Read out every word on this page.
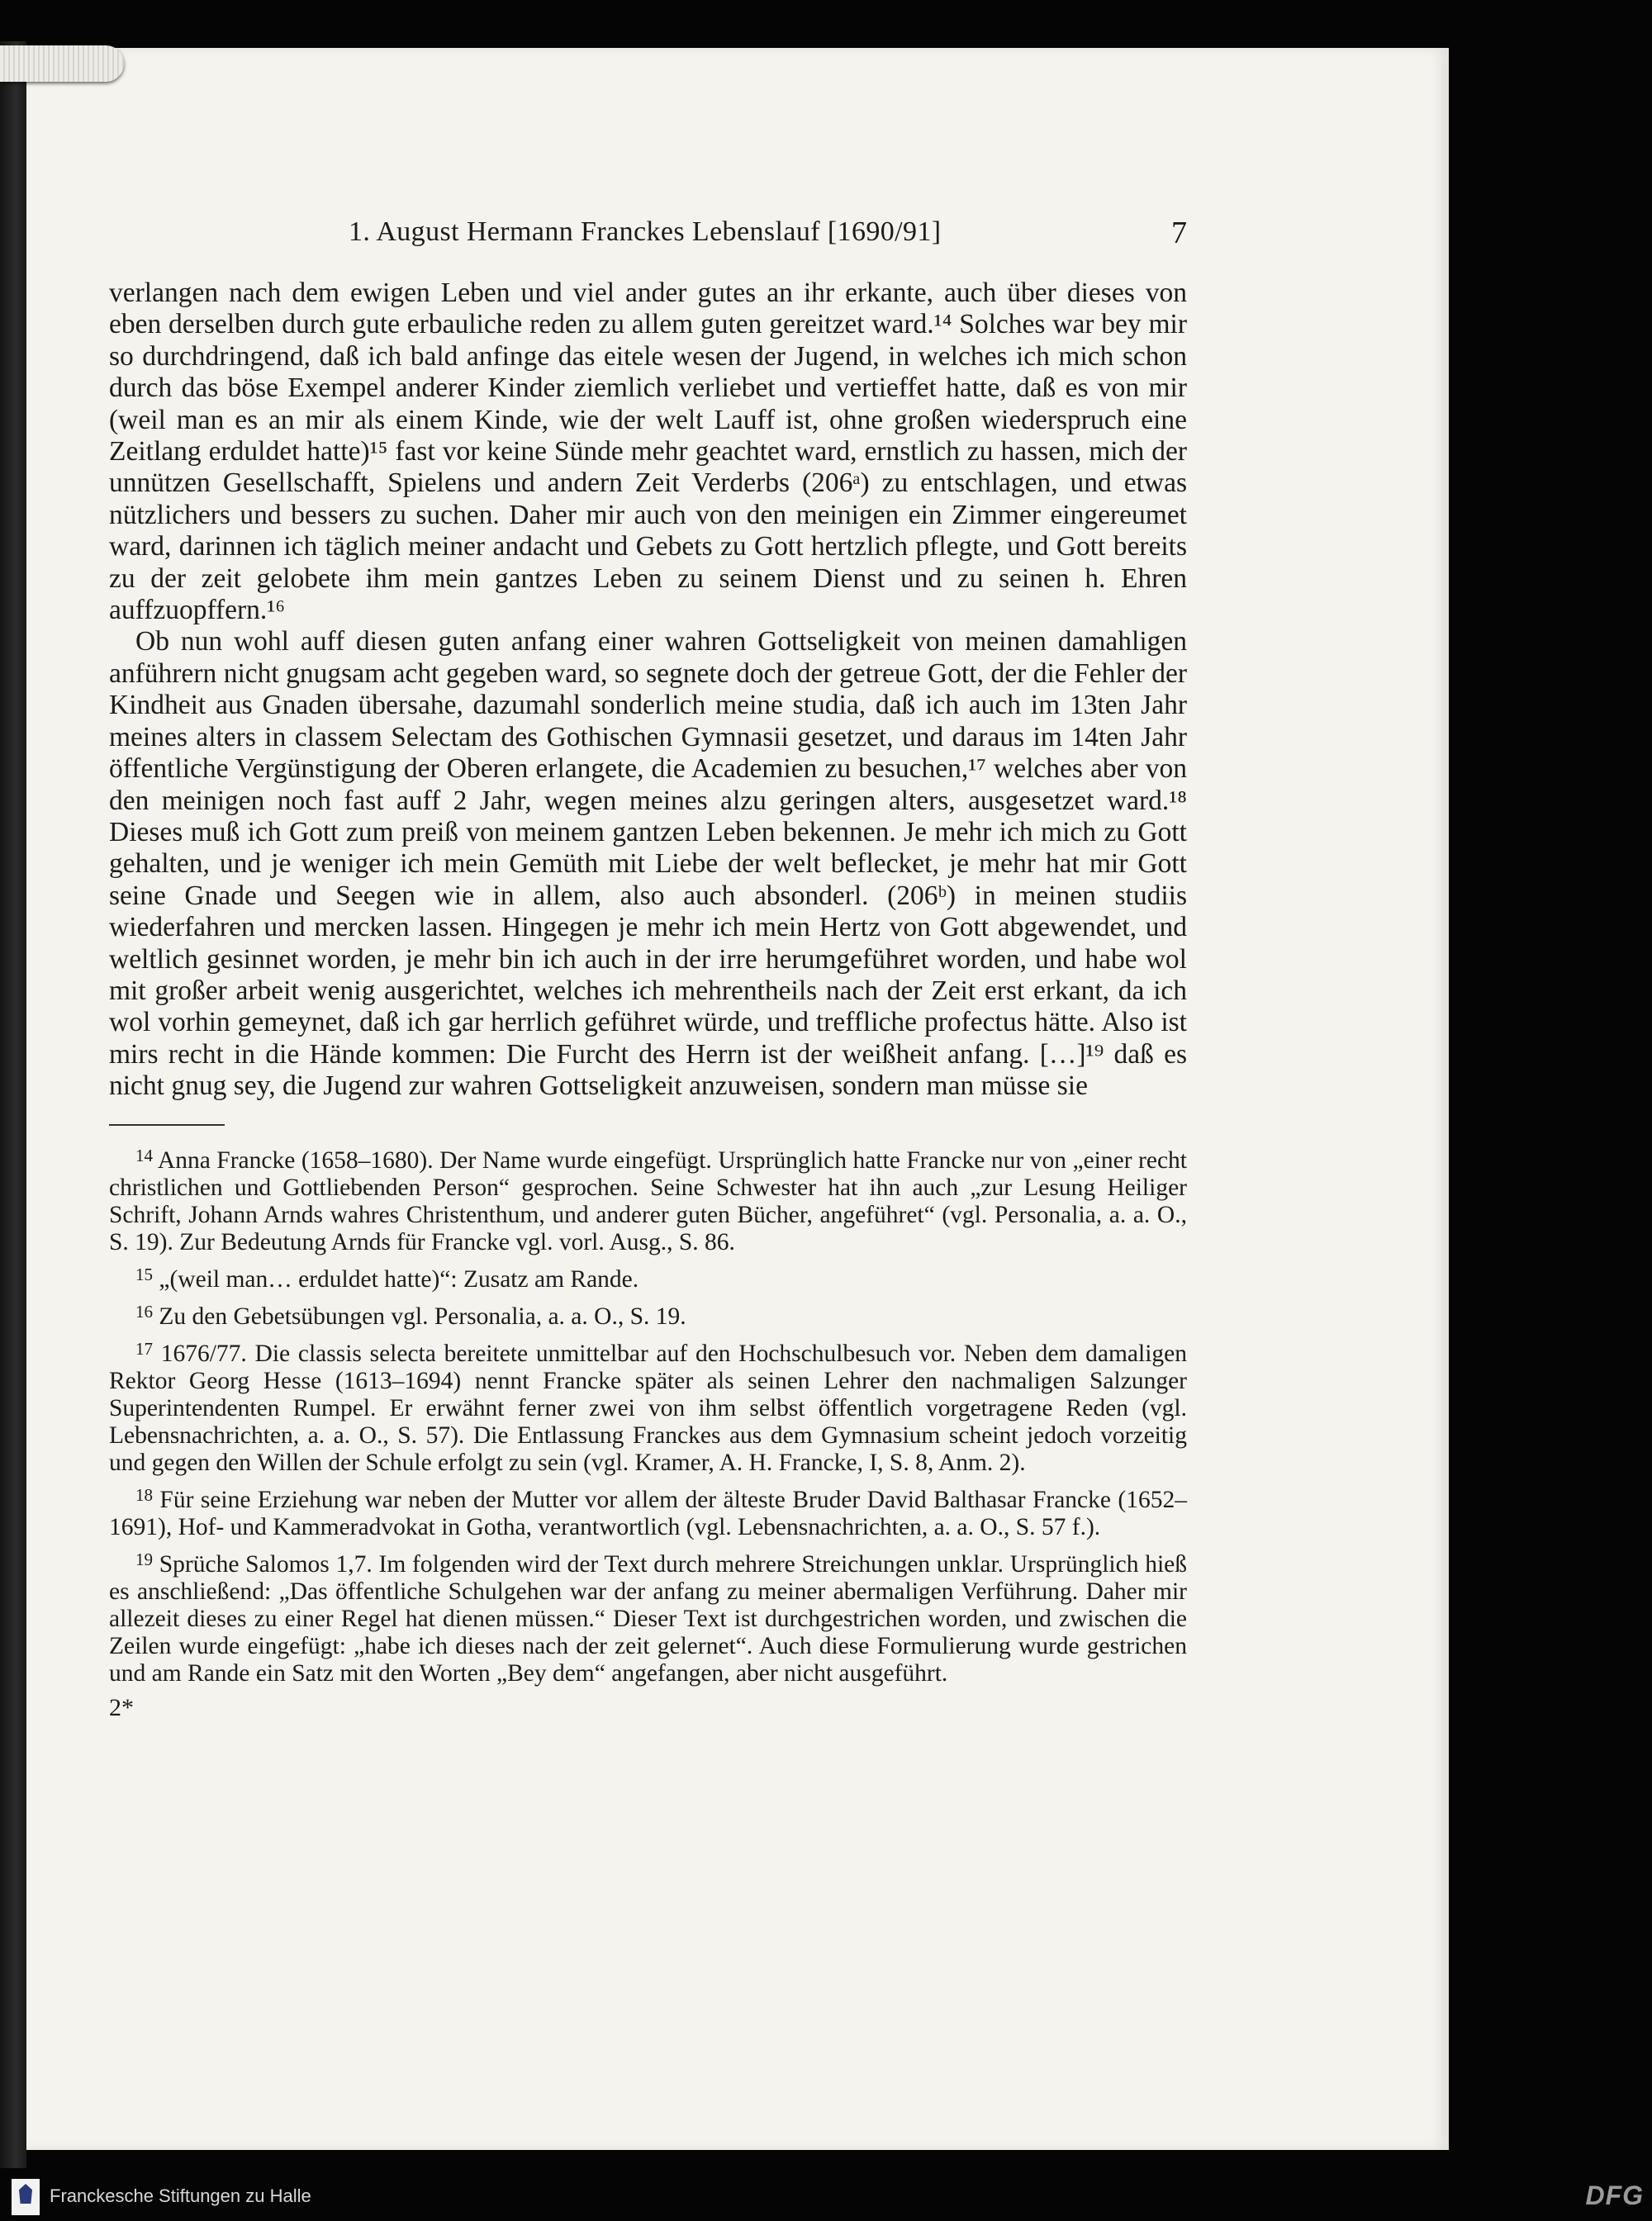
1. August Hermann Franckes Lebenslauf [1690/91]	7

verlangen nach dem ewigen Leben und viel ander gutes an ihr erkante, auch über dieses von eben derselben durch gute erbauliche reden zu allem guten gereitzet ward.¹⁴ Solches war bey mir so durchdringend, daß ich bald anfinge das eitele wesen der Jugend, in welches ich mich schon durch das böse Exempel anderer Kinder ziemlich verliebet und vertieffet hatte, daß es von mir (weil man es an mir als einem Kinde, wie der welt Lauff ist, ohne großen wiederspruch eine Zeitlang erduldet hatte)¹⁵ fast vor keine Sünde mehr geachtet ward, ernstlich zu hassen, mich der unnützen Gesellschafft, Spielens und andern Zeit Verderbs (206ᵃ) zu entschlagen, und etwas nützlichers und bessers zu suchen. Daher mir auch von den meinigen ein Zimmer eingereumet ward, darinnen ich täglich meiner andacht und Gebets zu Gott hertzlich pflegte, und Gott bereits zu der zeit gelobete ihm mein gantzes Leben zu seinem Dienst und zu seinen h. Ehren auffzuopffern.¹⁶

Ob nun wohl auff diesen guten anfang einer wahren Gottseligkeit von meinen damahligen anführern nicht gnugsam acht gegeben ward, so segnete doch der getreue Gott, der die Fehler der Kindheit aus Gnaden übersahe, dazumahl sonderlich meine studia, daß ich auch im 13ten Jahr meines alters in classem Selectam des Gothischen Gymnasii gesetzet, und daraus im 14ten Jahr öffentliche Vergünstigung der Oberen erlangete, die Academien zu besuchen,¹⁷ welches aber von den meinigen noch fast auff 2 Jahr, wegen meines alzu geringen alters, ausgesetzet ward.¹⁸ Dieses muß ich Gott zum preiß von meinem gantzen Leben bekennen. Je mehr ich mich zu Gott gehalten, und je weniger ich mein Gemüth mit Liebe der welt beflecket, je mehr hat mir Gott seine Gnade und Seegen wie in allem, also auch absonderl. (206ᵇ) in meinen studiis wiederfahren und mercken lassen. Hingegen je mehr ich mein Hertz von Gott abgewendet, und weltlich gesinnet worden, je mehr bin ich auch in der irre herumgeführet worden, und habe wol mit großer arbeit wenig ausgerichtet, welches ich mehrentheils nach der Zeit erst erkant, da ich wol vorhin gemeynet, daß ich gar herrlich geführet würde, und treffliche profectus hätte. Also ist mirs recht in die Hände kommen: Die Furcht des Herrn ist der weißheit anfang. […]¹⁹ daß es nicht gnug sey, die Jugend zur wahren Gottseligkeit anzuweisen, sondern man müsse sie

$^{14}$ Anna Francke (1658–1680). Der Name wurde eingefügt. Ursprünglich hatte Francke nur von „einer recht christlichen und Gottliebenden Person“ gesprochen. Seine Schwester hat ihn auch „zur Lesung Heiliger Schrift, Johann Arnds wahres Christenthum, und anderer guten Bücher, angeführet“ (vgl. Personalia, a. a. O., S. 19). Zur Bedeutung Arnds für Francke vgl. vorl. Ausg., S. 86.

$^{15}$ „(weil man… erduldet hatte)“: Zusatz am Rande.

$^{16}$ Zu den Gebetsübungen vgl. Personalia, a. a. O., S. 19.

$^{17}$ 1676/77. Die classis selecta bereitete unmittelbar auf den Hochschulbesuch vor. Neben dem damaligen Rektor Georg Hesse (1613–1694) nennt Francke später als seinen Lehrer den nachmaligen Salzunger Superintendenten Rumpel. Er erwähnt ferner zwei von ihm selbst öffentlich vorgetragene Reden (vgl. Lebensnachrichten, a. a. O., S. 57). Die Entlassung Franckes aus dem Gymnasium scheint jedoch vorzeitig und gegen den Willen der Schule erfolgt zu sein (vgl. Kramer, A. H. Francke, I, S. 8, Anm. 2).

$^{18}$ Für seine Erziehung war neben der Mutter vor allem der älteste Bruder David Balthasar Francke (1652–1691), Hof- und Kammeradvokat in Gotha, verantwortlich (vgl. Lebensnachrichten, a. a. O., S. 57 f.).

$^{19}$ Sprüche Salomos 1,7. Im folgenden wird der Text durch mehrere Streichungen unklar. Ursprünglich hieß es anschließend: „Das öffentliche Schulgehen war der anfang zu meiner abermaligen Verführung. Daher mir allezeit dieses zu einer Regel hat dienen müssen.“ Dieser Text ist durchgestrichen worden, und zwischen die Zeilen wurde eingefügt: „habe ich dieses nach der zeit gelernet“. Auch diese Formulierung wurde gestrichen und am Rande ein Satz mit den Worten „Bey dem“ angefangen, aber nicht ausgeführt.

2*
Franckesche Stiftungen zu Halle	DFG
